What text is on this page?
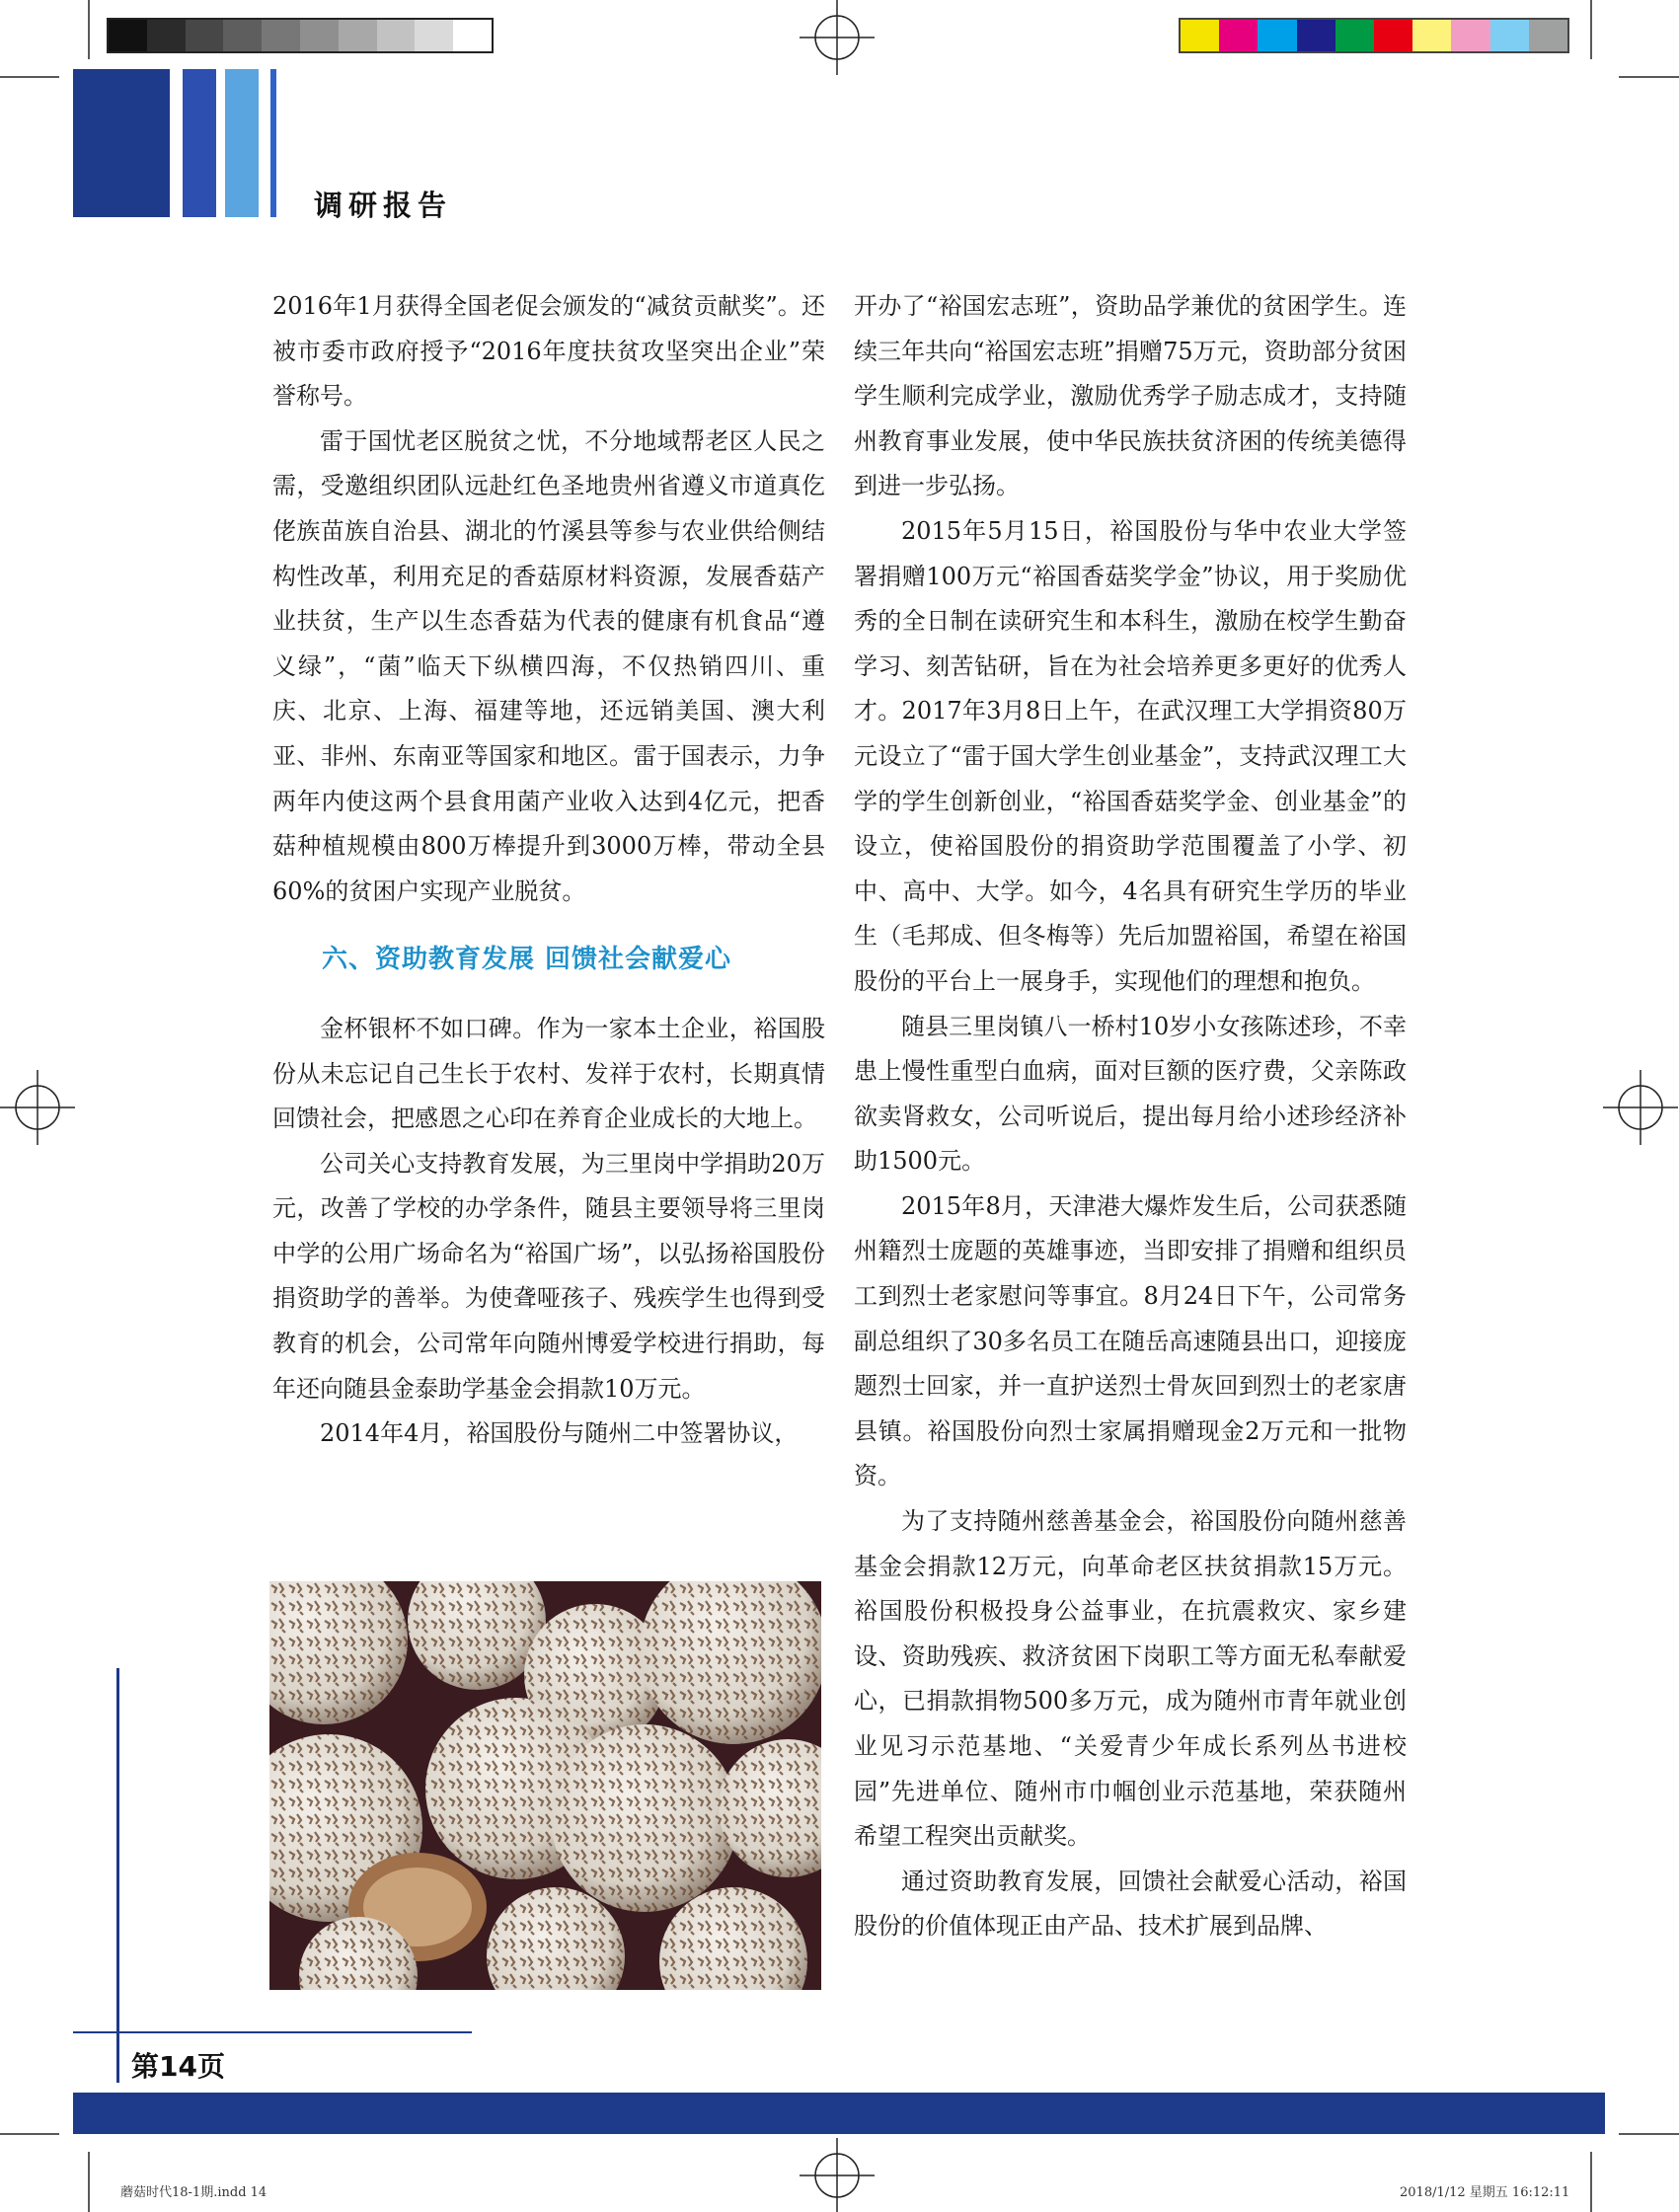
调研报告

2016年1月获得全国老促会颁发的“减贫贡献奖”。还被市委市政府授予“2016年度扶贫攻坚突出企业”荣誉称号。

雷于国忧老区脱贫之忧，不分地域帮老区人民之需，受邀组织团队远赴红色圣地贵州省遵义市道真仡佬族苗族自治县、湖北的竹溪县等参与农业供给侧结构性改革，利用充足的香菇原材料资源，发展香菇产业扶贫，生产以生态香菇为代表的健康有机食品“遵义绿”，“菌”临天下纵横四海，不仅热销四川、重庆、北京、上海、福建等地，还远销美国、澳大利亚、非州、东南亚等国家和地区。雷于国表示，力争两年内使这两个县食用菌产业收入达到4亿元，把香菇种植规模由800万棒提升到3000万棒，带动全县60%的贫困户实现产业脱贫。

六、资助教育发展 回馈社会献爱心

金杯银杯不如口碑。作为一家本土企业，裕国股份从未忘记自己生长于农村、发祥于农村，长期真情回馈社会，把感恩之心印在养育企业成长的大地上。

公司关心支持教育发展，为三里岗中学捐助20万元，改善了学校的办学条件，随县主要领导将三里岗中学的公用广场命名为“裕国广场”，以弘扬裕国股份捐资助学的善举。为使聋哑孩子、残疾学生也得到受教育的机会，公司常年向随州博爱学校进行捐助，每年还向随县金泰助学基金会捐款10万元。

2014年4月，裕国股份与随州二中签署协议，

开办了“裕国宏志班”，资助品学兼优的贫困学生。连续三年共向“裕国宏志班”捐赠75万元，资助部分贫困学生顺利完成学业，激励优秀学子励志成才，支持随州教育事业发展，使中华民族扶贫济困的传统美德得到进一步弘扬。

2015年5月15日，裕国股份与华中农业大学签署捐赠100万元“裕国香菇奖学金”协议，用于奖励优秀的全日制在读研究生和本科生，激励在校学生勤奋学习、刻苦钻研，旨在为社会培养更多更好的优秀人才。2017年3月8日上午，在武汉理工大学捐资80万元设立了“雷于国大学生创业基金”，支持武汉理工大学的学生创新创业，“裕国香菇奖学金、创业基金”的设立，使裕国股份的捐资助学范围覆盖了小学、初中、高中、大学。如今，4名具有研究生学历的毕业生（毛邦成、但冬梅等）先后加盟裕国，希望在裕国股份的平台上一展身手，实现他们的理想和抱负。

随县三里岗镇八一桥村10岁小女孩陈述珍，不幸患上慢性重型白血病，面对巨额的医疗费，父亲陈政欲卖肾救女，公司听说后，提出每月给小述珍经济补助1500元。

2015年8月，天津港大爆炸发生后，公司获悉随州籍烈士庞题的英雄事迹，当即安排了捐赠和组织员工到烈士老家慰问等事宜。8月24日下午，公司常务副总组织了30多名员工在随岳高速随县出口，迎接庞题烈士回家，并一直护送烈士骨灰回到烈士的老家唐县镇。裕国股份向烈士家属捐赠现金2万元和一批物资。

为了支持随州慈善基金会，裕国股份向随州慈善基金会捐款12万元，向革命老区扶贫捐款15万元。裕国股份积极投身公益事业，在抗震救灾、家乡建设、资助残疾、救济贫困下岗职工等方面无私奉献爱心，已捐款捐物500多万元，成为随州市青年就业创业见习示范基地、“关爱青少年成长系列丛书进校园”先进单位、随州市巾帼创业示范基地，荣获随州希望工程突出贡献奖。

通过资助教育发展，回馈社会献爱心活动，裕国股份的价值体现正由产品、技术扩展到品牌、

第14页
蘑菇时代18-1期.indd 14	2018/1/12 星期五 16:12:11
